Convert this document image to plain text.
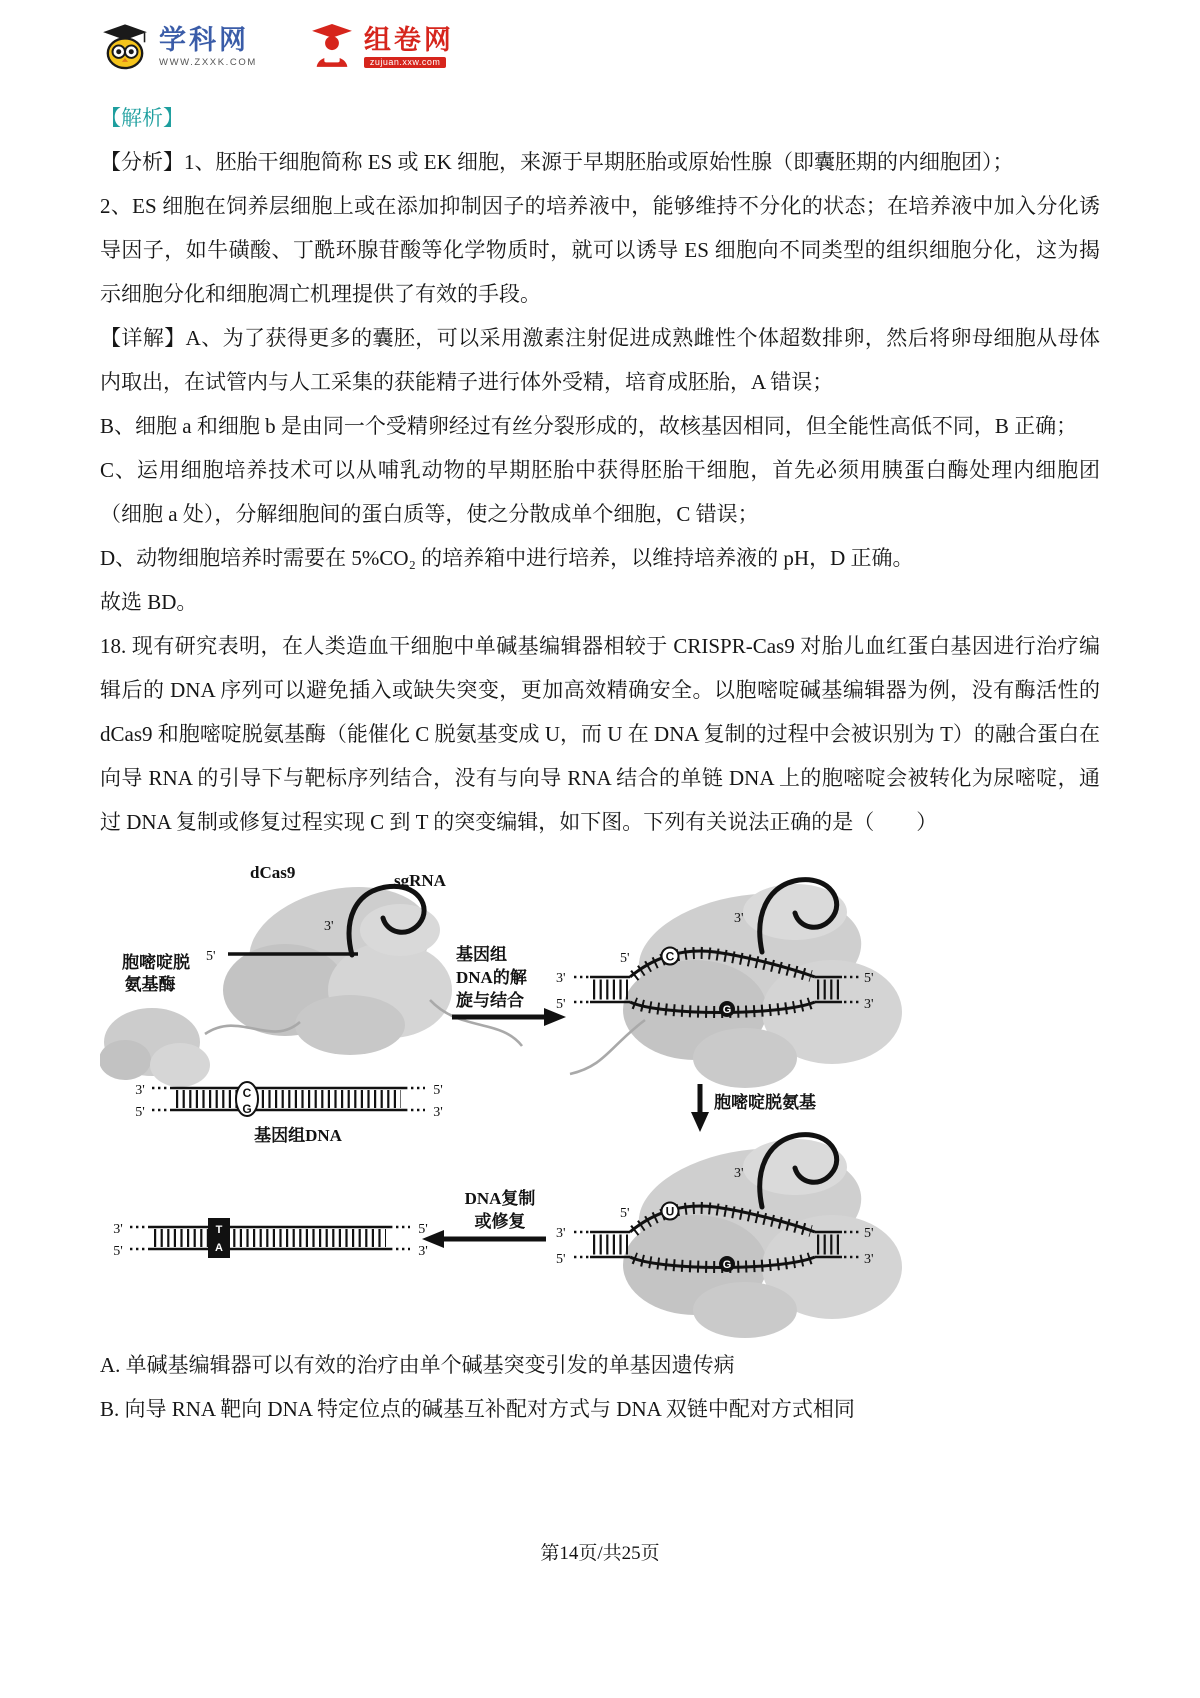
学科网
WWW.ZXXK.COM
组卷网
zujuan.xxw.com

【解析】

【分析】1、胚胎干细胞简称 ES 或 EK 细胞，来源于早期胚胎或原始性腺（即囊胚期的内细胞团）；

2、ES 细胞在饲养层细胞上或在添加抑制因子的培养液中，能够维持不分化的状态；在培养液中加入分化诱导因子，如牛磺酸、丁酰环腺苷酸等化学物质时，就可以诱导 ES 细胞向不同类型的组织细胞分化，这为揭示细胞分化和细胞凋亡机理提供了有效的手段。

【详解】A、为了获得更多的囊胚，可以采用激素注射促进成熟雌性个体超数排卵，然后将卵母细胞从母体内取出，在试管内与人工采集的获能精子进行体外受精，培育成胚胎，A 错误；

B、细胞 a 和细胞 b 是由同一个受精卵经过有丝分裂形成的，故核基因相同，但全能性高低不同，B 正确；

C、运用细胞培养技术可以从哺乳动物的早期胚胎中获得胚胎干细胞，首先必须用胰蛋白酶处理内细胞团（细胞 a 处），分解细胞间的蛋白质等，使之分散成单个细胞，C 错误；

D、动物细胞培养时需要在 5%CO₂ 的培养箱中进行培养，以维持培养液的 pH，D 正确。

故选 BD。

18. 现有研究表明，在人类造血干细胞中单碱基编辑器相较于 CRISPR-Cas9 对胎儿血红蛋白基因进行治疗编辑后的 DNA 序列可以避免插入或缺失突变，更加高效精确安全。以胞嘧啶碱基编辑器为例，没有酶活性的 dCas9 和胞嘧啶脱氨基酶（能催化 C 脱氨基变成 U，而 U 在 DNA 复制的过程中会被识别为 T）的融合蛋白在向导 RNA 的引导下与靶标序列结合，没有与向导 RNA 结合的单链 DNA 上的胞嘧啶会被转化为尿嘧啶，通过 DNA 复制或修复过程实现 C 到 T 的突变编辑，如下图。下列有关说法正确的是（　　）

5'
3'
dCas9	sgRNA
胞嘧啶脱
氨基酶
基因组
DNA的解
旋与结合
3'
5'
3'
5'
5'
3'
C
G
胞嘧啶脱氨基
3'
5'
5'
3'
C
G
基因组DNA
3'
5'
3'
5'
5'
3'
U
G
DNA复制
或修复
3'
5'
5'
3'
T
A

A. 单碱基编辑器可以有效的治疗由单个碱基突变引发的单基因遗传病

B. 向导 RNA 靶向 DNA 特定位点的碱基互补配对方式与 DNA 双链中配对方式相同

第14页/共25页
